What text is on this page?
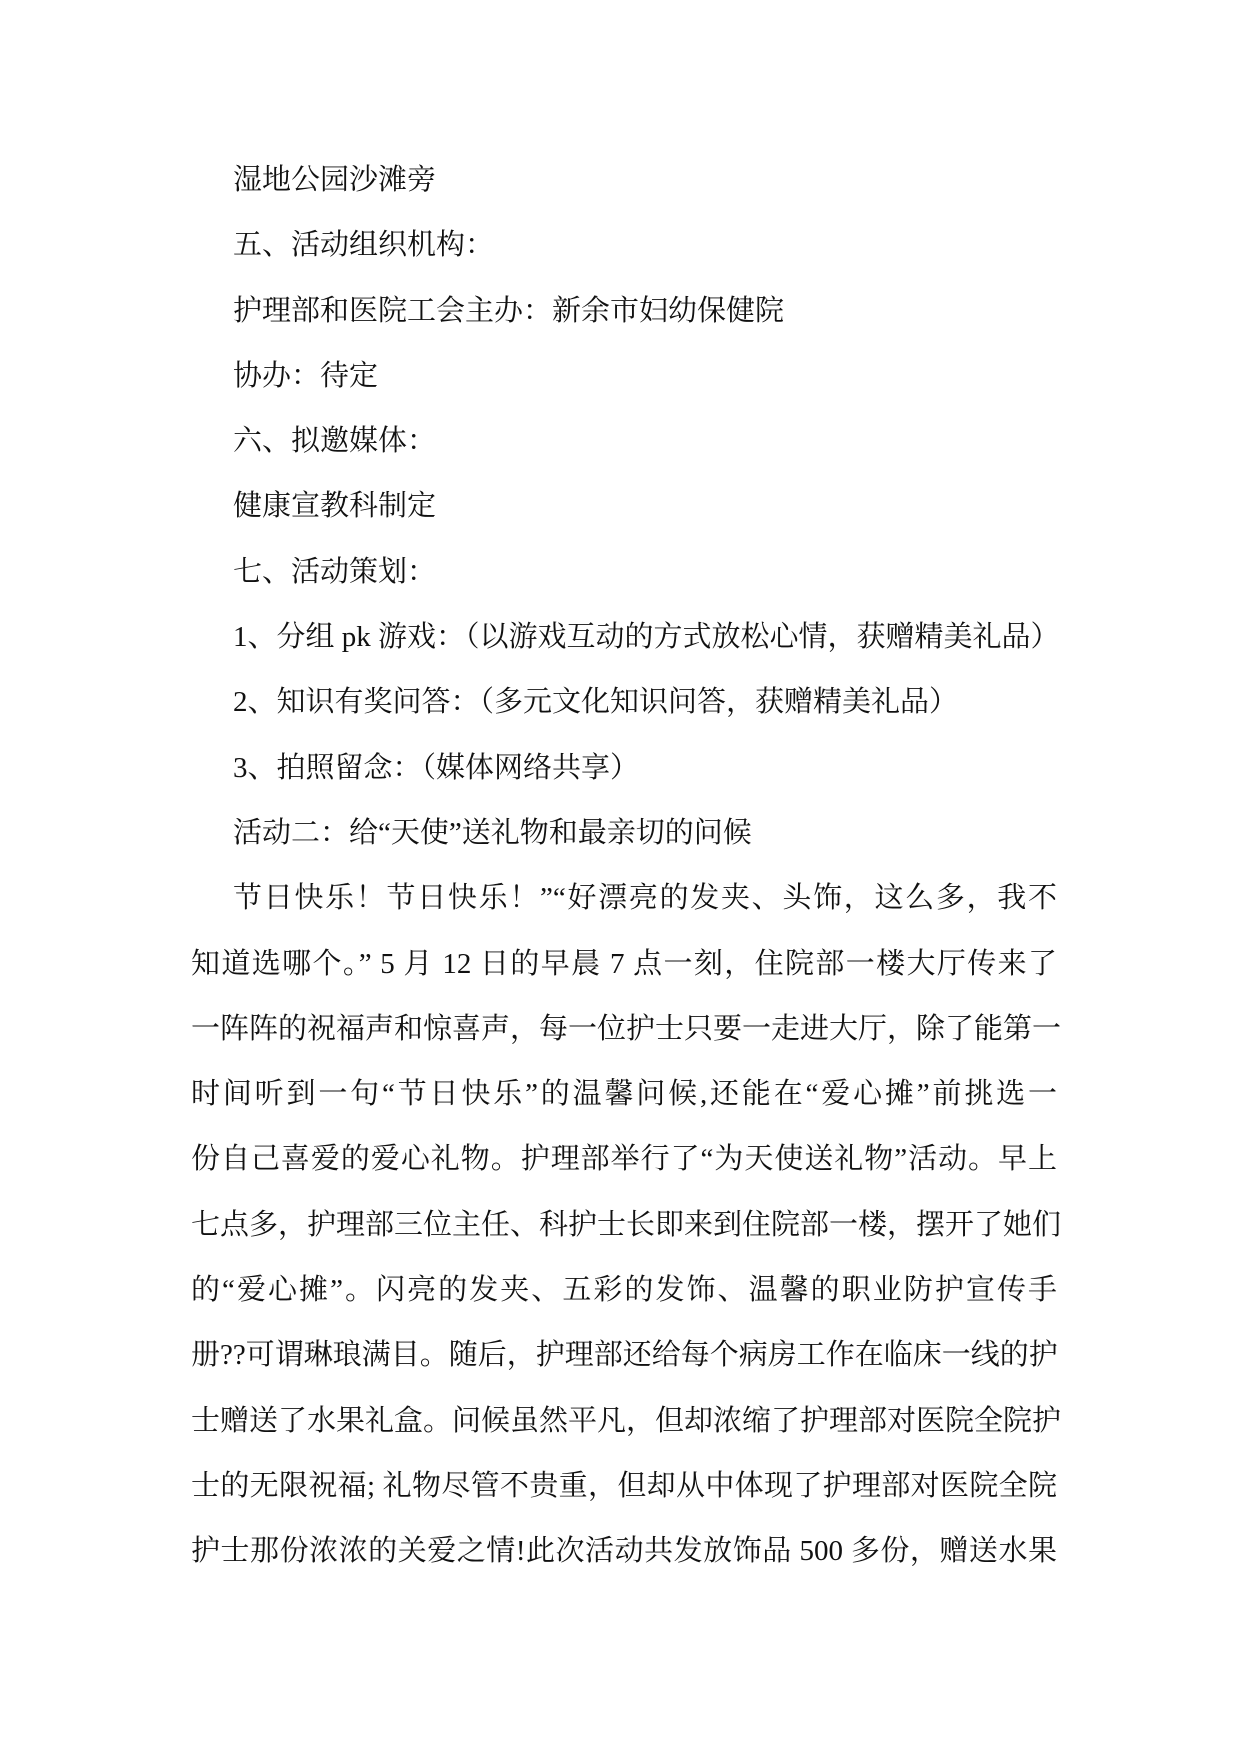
湿地公园沙滩旁
五、活动组织机构：
护理部和医院工会主办：新余市妇幼保健院
协办：待定
六、拟邀媒体：
健康宣教科制定
七、活动策划：
1、分组 pk 游戏：（以游戏互动的方式放松心情，获赠精美礼品）
2、知识有奖问答：（多元文化知识问答，获赠精美礼品）
3、拍照留念：（媒体网络共享）
活动二：给“天使”送礼物和最亲切的问候
节日快乐！节日快乐！”“好漂亮的发夹、头饰，这么多，我不
知道选哪个。” 5 月 12 日的早晨 7 点一刻，住院部一楼大厅传来了
一阵阵的祝福声和惊喜声，每一位护士只要一走进大厅，除了能第一
时间听到一句“节日快乐”的温馨问候,还能在“爱心摊”前挑选一
份自己喜爱的爱心礼物。护理部举行了“为天使送礼物”活动。早上
七点多，护理部三位主任、科护士长即来到住院部一楼，摆开了她们
的“爱心摊”。闪亮的发夹、五彩的发饰、温馨的职业防护宣传手
册??可谓琳琅满目。随后，护理部还给每个病房工作在临床一线的护
士赠送了水果礼盒。问候虽然平凡，但却浓缩了护理部对医院全院护
士的无限祝福; 礼物尽管不贵重，但却从中体现了护理部对医院全院
护士那份浓浓的关爱之情!此次活动共发放饰品 500 多份，赠送水果
